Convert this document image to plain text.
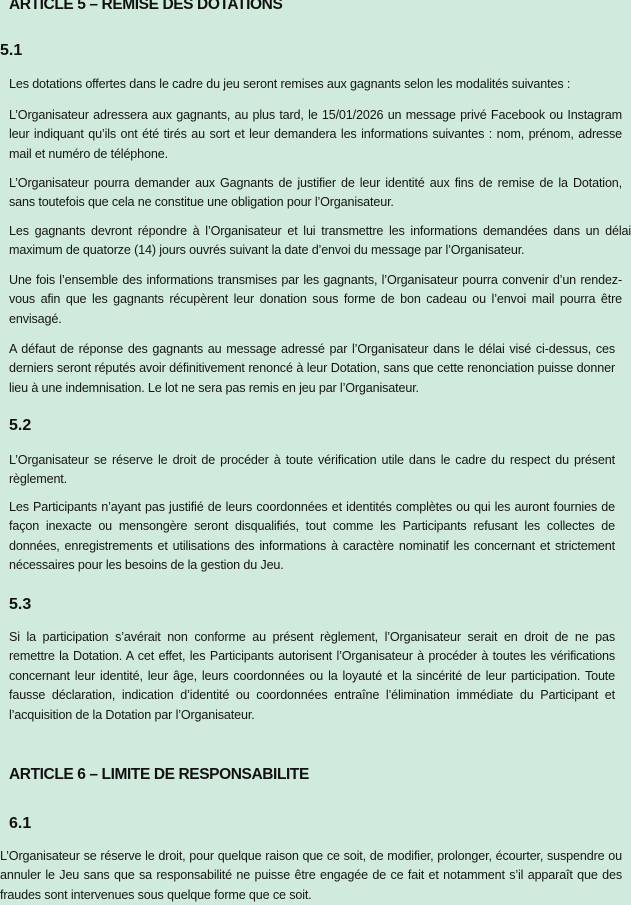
ARTICLE 5 – REMISE DES DOTATIONS
5.1
Les dotations offertes dans le cadre du jeu seront remises aux gagnants selon les modalités suivantes :
L’Organisateur adressera aux gagnants, au plus tard, le 15/01/2026 un message privé Facebook ou Instagram leur indiquant qu’ils ont été tirés au sort et leur demandera les informations suivantes : nom, prénom, adresse mail et numéro de téléphone.
L’Organisateur pourra demander aux Gagnants de justifier de leur identité aux fins de remise de la Dotation, sans toutefois que cela ne constitue une obligation pour l’Organisateur.
Les gagnants devront répondre à l’Organisateur et lui transmettre les informations demandées dans un délai maximum de quatorze (14) jours ouvrés suivant la date d’envoi du message par l’Organisateur.
Une fois l’ensemble des informations transmises par les gagnants, l’Organisateur pourra convenir d’un rendez-vous afin que les gagnants récupèrent leur donation sous forme de bon cadeau ou l’envoi mail pourra être envisagé.
A défaut de réponse des gagnants au message adressé par l’Organisateur dans le délai visé ci-dessus, ces derniers seront réputés avoir définitivement renoncé à leur Dotation, sans que cette renonciation puisse donner lieu à une indemnisation. Le lot ne sera pas remis en jeu par l’Organisateur.
5.2
L’Organisateur se réserve le droit de procéder à toute vérification utile dans le cadre du respect du présent règlement.
Les Participants n’ayant pas justifié de leurs coordonnées et identités complètes ou qui les auront fournies de façon inexacte ou mensongère seront disqualifiés, tout comme les Participants refusant les collectes de données, enregistrements et utilisations des informations à caractère nominatif les concernant et strictement nécessaires pour les besoins de la gestion du Jeu.
5.3
Si la participation s’avérait non conforme au présent règlement, l’Organisateur serait en droit de ne pas remettre la Dotation. A cet effet, les Participants autorisent l’Organisateur à procéder à toutes les vérifications concernant leur identité, leur âge, leurs coordonnées ou la loyauté et la sincérité de leur participation. Toute fausse déclaration, indication d’identité ou coordonnées entraîne l’élimination immédiate du Participant et l’acquisition de la Dotation par l’Organisateur.
ARTICLE 6 – LIMITE DE RESPONSABILITE
6.1
L’Organisateur se réserve le droit, pour quelque raison que ce soit, de modifier, prolonger, écourter, suspendre ou annuler le Jeu sans que sa responsabilité ne puisse être engagée de ce fait et notamment s’il apparaît que des fraudes sont intervenues sous quelque forme que ce soit.
